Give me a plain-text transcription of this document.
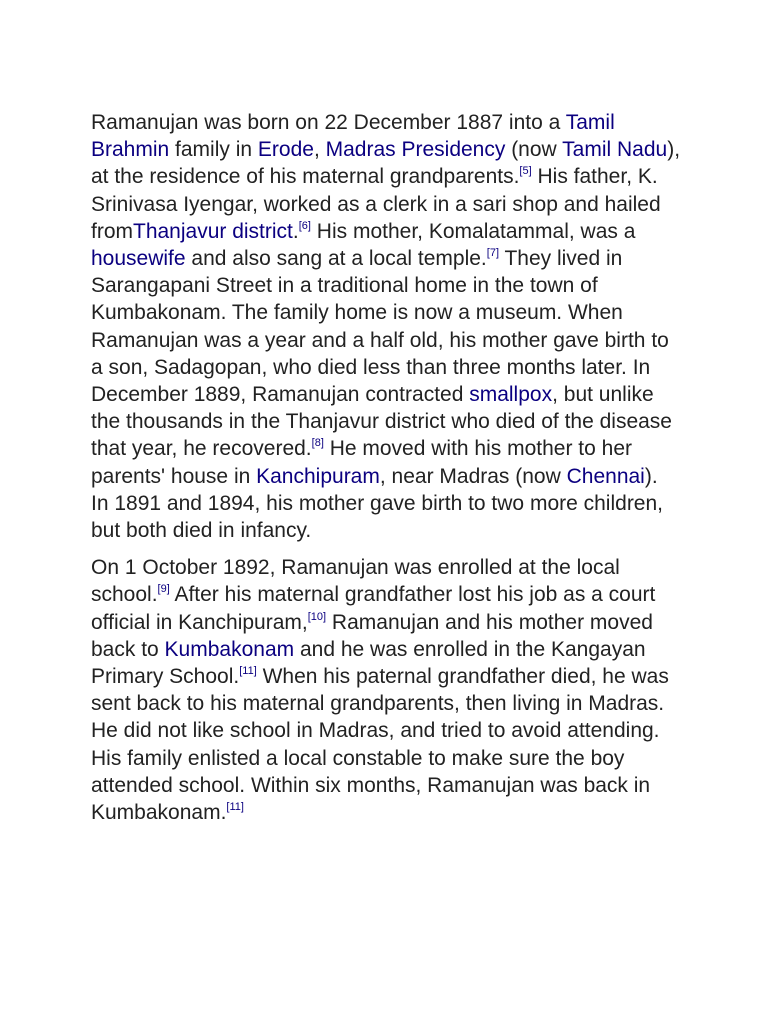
Ramanujan was born on 22 December 1887 into a Tamil Brahmin family in Erode, Madras Presidency (now Tamil Nadu), at the residence of his maternal grandparents.[5] His father, K. Srinivasa Iyengar, worked as a clerk in a sari shop and hailed fromThanjavur district.[6] His mother, Komalatammal, was a housewife and also sang at a local temple.[7] They lived in Sarangapani Street in a traditional home in the town of Kumbakonam. The family home is now a museum. When Ramanujan was a year and a half old, his mother gave birth to a son, Sadagopan, who died less than three months later. In December 1889, Ramanujan contracted smallpox, but unlike the thousands in the Thanjavur district who died of the disease that year, he recovered.[8] He moved with his mother to her parents' house in Kanchipuram, near Madras (now Chennai). In 1891 and 1894, his mother gave birth to two more children, but both died in infancy.

On 1 October 1892, Ramanujan was enrolled at the local school.[9] After his maternal grandfather lost his job as a court official in Kanchipuram,[10] Ramanujan and his mother moved back to Kumbakonam and he was enrolled in the Kangayan Primary School.[11] When his paternal grandfather died, he was sent back to his maternal grandparents, then living in Madras. He did not like school in Madras, and tried to avoid attending. His family enlisted a local constable to make sure the boy attended school. Within six months, Ramanujan was back in Kumbakonam.[11]
